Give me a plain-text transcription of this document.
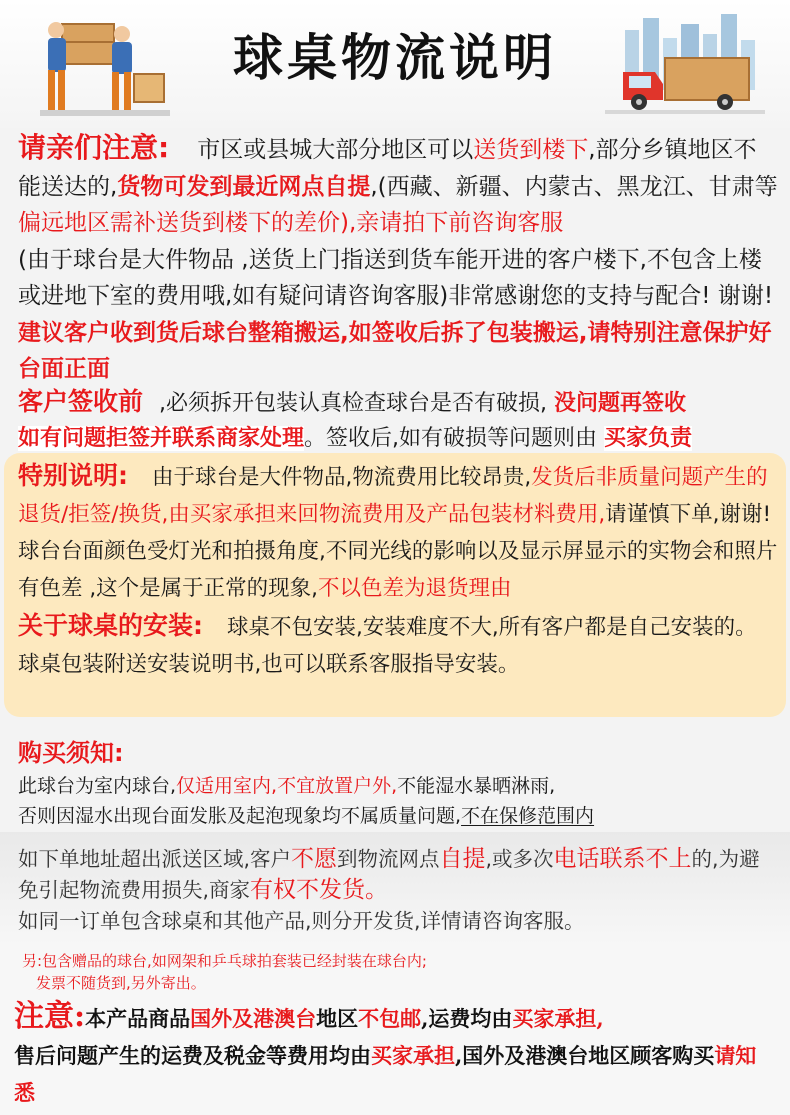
球桌物流说明
请亲们注意: 市区或县城大部分地区可以送货到楼下,部分乡镇地区不能送达的,货物可发到最近网点自提,(西藏、新疆、内蒙古、黑龙江、甘肃等偏远地区需补送货到楼下的差价),亲请拍下前咨询客服
(由于球台是大件物品 ,送货上门指送到货车能开进的客户楼下,不包含上楼或进地下室的费用哦,如有疑问请咨询客服)非常感谢您的支持与配合! 谢谢! 建议客户收到货后球台整箱搬运,如签收后拆了包装搬运,请特别注意保护好台面正面
客户签收前 ,必须拆开包装认真检查球台是否有破损, 没问题再签收
如有问题拒签并联系商家处理。签收后,如有破损等问题则由 买家负责
特别说明: 由于球台是大件物品,物流费用比较昂贵,发货后非质量问题产生的退货/拒签/换货,由买家承担来回物流费用及产品包装材料费用,请谨慎下单,谢谢!
球台台面颜色受灯光和拍摄角度,不同光线的影响以及显示屏显示的实物会和照片有色差 ,这个是属于正常的现象,不以色差为退货理由
关于球桌的安装: 球桌不包安装,安装难度不大,所有客户都是自己安装的。球桌包装附送安装说明书,也可以联系客服指导安装。
购买须知:
此球台为室内球台,仅适用室内,不宜放置户外,不能湿水暴晒淋雨,
否则因湿水出现台面发胀及起泡现象均不属质量问题,不在保修范围内
如下单地址超出派送区域,客户不愿到物流网点自提,或多次电话联系不上的,为避免引起物流费用损失,商家有权不发货。
如同一订单包含球桌和其他产品,则分开发货,详情请咨询客服。
另:包含赠品的球台,如网架和乒乓球拍套装已经封装在球台内;
发票不随货到,另外寄出。
注意:本产品商品国外及港澳台地区不包邮,运费均由买家承担,
售后问题产生的运费及税金等费用均由买家承担,国外及港澳台地区顾客购买请知悉
